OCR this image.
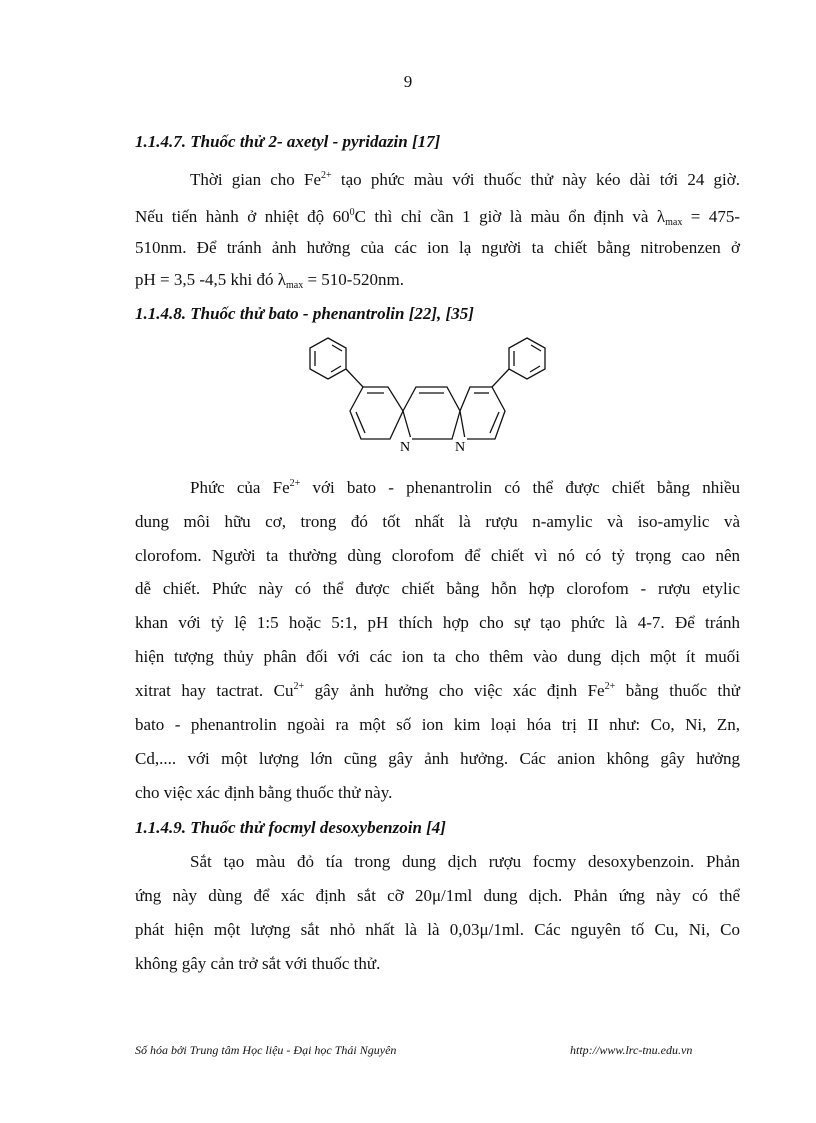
9
1.1.4.7. Thuốc thử 2- axetyl - pyridazin [17]
Thời gian cho $Fe^{2+}$ tạo phức màu với thuốc thử này kéo dài tới 24 giờ.
Nếu tiến hành ở nhiệt độ $60^0C$ thì chỉ cần 1 giờ là màu ổn định và $\lambda_{max} = 475-$
510nm. Để tránh ảnh hưởng của các ion lạ người ta chiết bằng nitrobenzen ở
pH = 3,5 -4,5 khi đó $\lambda_{max} = 510-520nm$.
1.1.4.8. Thuốc thử bato - phenantrolin [22], [35]
N	N
Phức của $Fe^{2+}$ với bato - phenantrolin có thể được chiết bằng nhiều
dung môi hữu cơ, trong đó tốt nhất là rượu n-amylic và iso-amylic và
clorofom. Người ta thường dùng clorofom để chiết vì nó có tỷ trọng cao nên
dễ chiết. Phức này có thể được chiết bằng hỗn hợp clorofom - rượu etylic
khan với tỷ lệ 1:5 hoặc 5:1, pH thích hợp cho sự tạo phức là 4-7. Để tránh
hiện tượng thủy phân đối với các ion ta cho thêm vào dung dịch một ít muối
xitrat hay tactrat. $Cu^{2+}$ gây ảnh hưởng cho việc xác định $Fe^{2+}$ bằng thuốc thử
bato - phenantrolin ngoài ra một số ion kim loại hóa trị II như: Co, Ni, Zn,
Cd,.... với một lượng lớn cũng gây ảnh hưởng. Các anion không gây hưởng
cho việc xác định bằng thuốc thử này.
1.1.4.9. Thuốc thử focmyl desoxybenzoin [4]
Sắt tạo màu đỏ tía trong dung dịch rượu focmy desoxybenzoin. Phản
ứng này dùng để xác định sắt cỡ 20μ/1ml dung dịch. Phản ứng này có thể
phát hiện một lượng sắt nhỏ nhất là là 0,03μ/1ml. Các nguyên tố Cu, Ni, Co
không gây cản trở sắt với thuốc thử.
Số hóa bởi Trung tâm Học liệu - Đại học Thái Nguyên	http://www.lrc-tnu.edu.vn
